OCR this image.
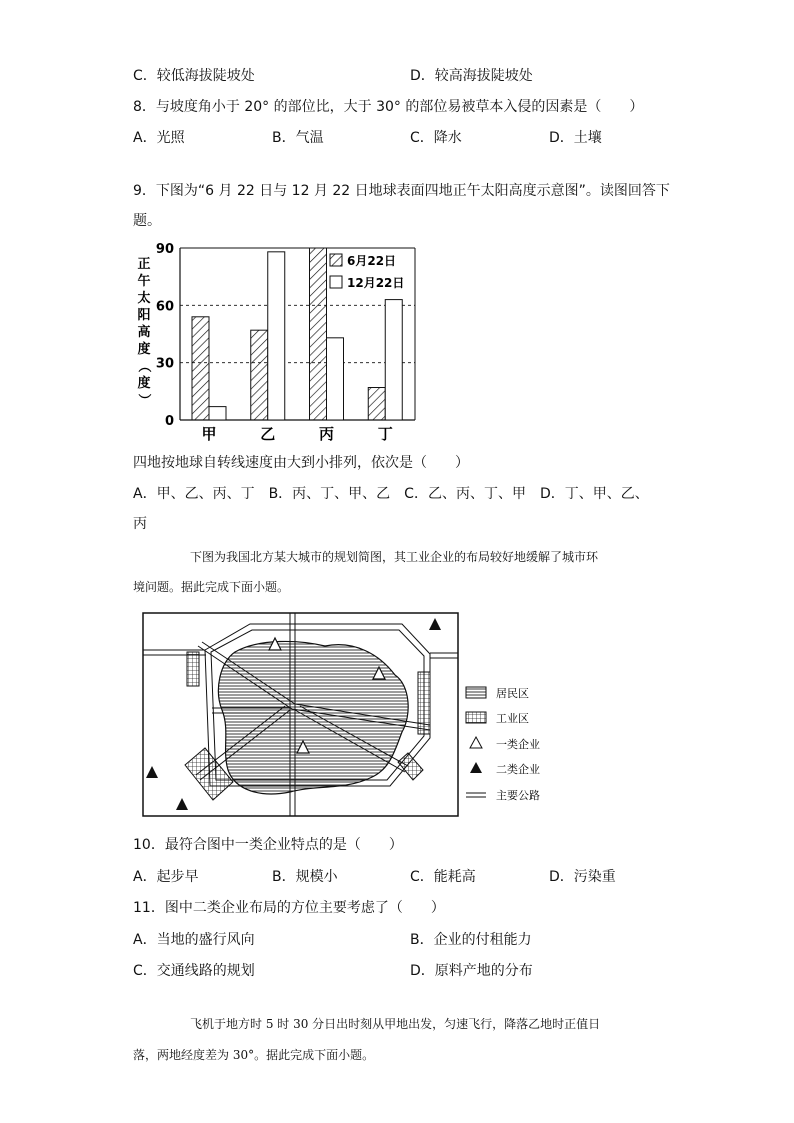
C．较低海拔陡坡处	D．较高海拔陡坡处
8．与坡度角小于 20° 的部位比，大于 30° 的部位易被草本入侵的因素是（　　）
A．光照	B．气温	C．降水	D．土壤
9．下图为“6 月 22 日与 12 月 22 日地球表面四地正午太阳高度示意图”。读图回答下
题。
正
午
太
阳
高
度
（
度
）
0
30
60
90
甲	乙	丙	丁
6月22日
12月22日
四地按地球自转线速度由大到小排列，依次是（　　）
A．甲、乙、丙、丁　B．丙、丁、甲、乙　C．乙、丙、丁、甲　D．丁、甲、乙、
丙
下图为我国北方某大城市的规划简图，其工业企业的布局较好地缓解了城市环
境问题。据此完成下面小题。
居民区
工业区
一类企业
二类企业
主要公路
10．最符合图中一类企业特点的是（　　）
A．起步早	B．规模小	C．能耗高	D．污染重
11．图中二类企业布局的方位主要考虑了（　　）
A．当地的盛行风向	B．企业的付租能力
C．交通线路的规划	D．原料产地的分布
飞机于地方时 5 时 30 分日出时刻从甲地出发，匀速飞行，降落乙地时正值日
落，两地经度差为 30°。据此完成下面小题。
